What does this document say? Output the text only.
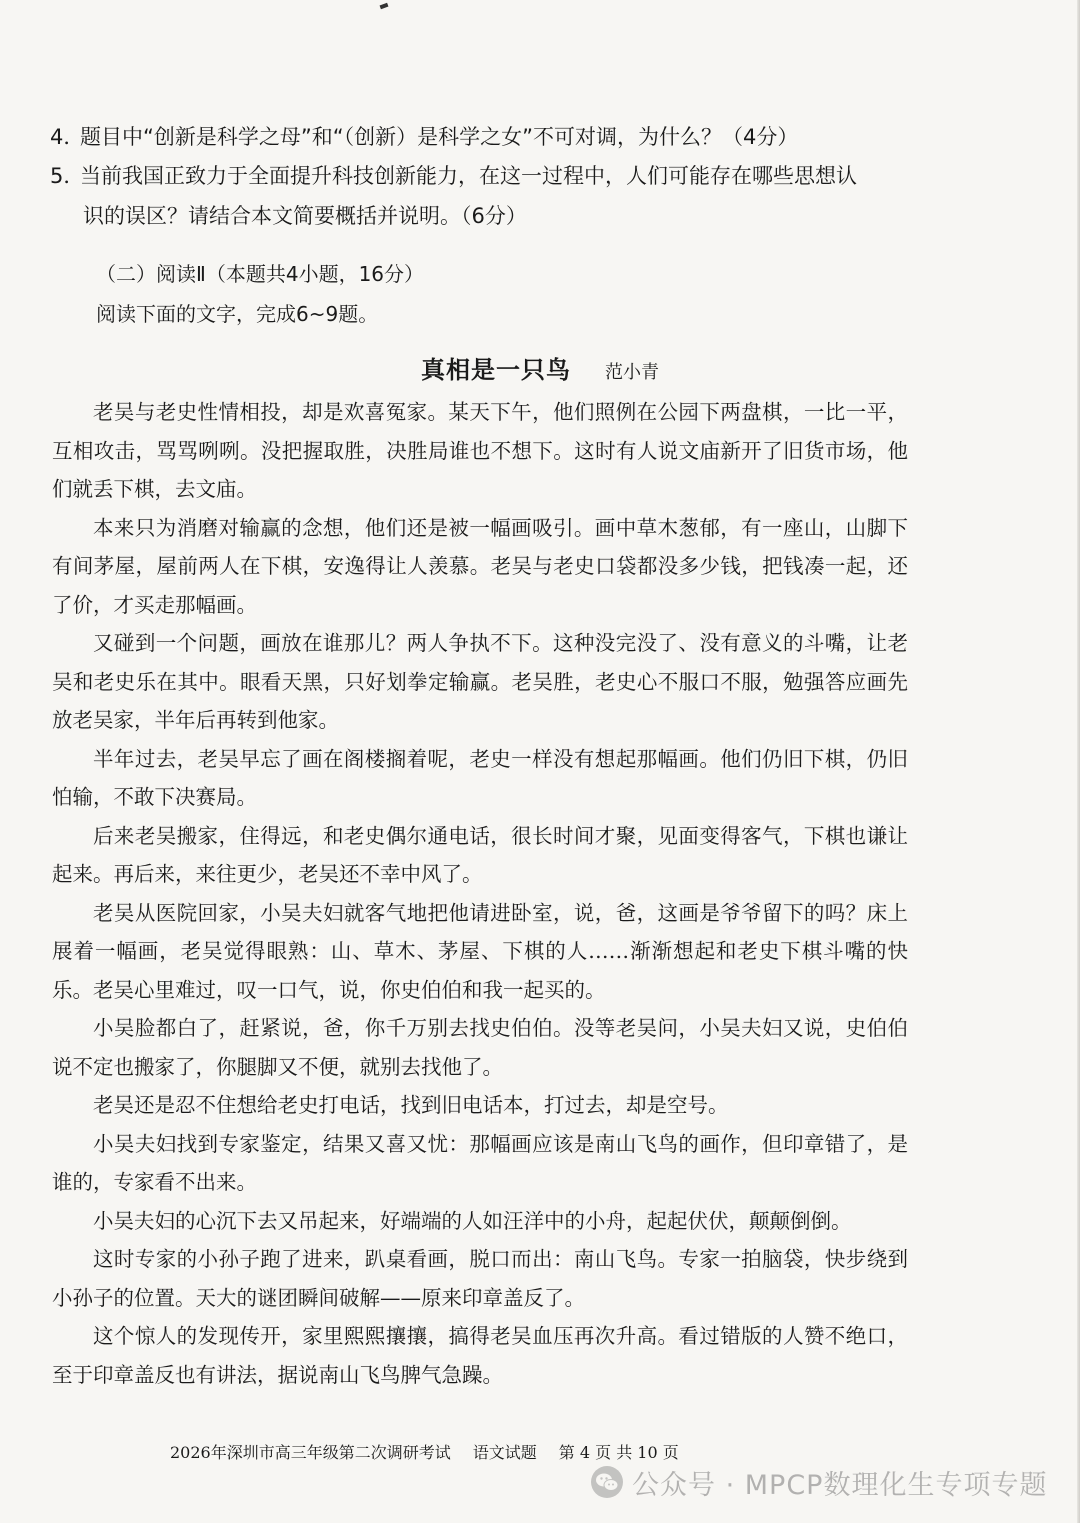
4．题目中“创新是科学之母”和“（创新）是科学之女”不可对调，为什么？（4分）
5．当前我国正致力于全面提升科技创新能力，在这一过程中，人们可能存在哪些思想认
识的误区？请结合本文简要概括并说明。（6分）
（二）阅读Ⅱ（本题共4小题，16分）
阅读下面的文字，完成6~9题。
真相是一只鸟 范小青

老吴与老史性情相投，却是欢喜冤家。某天下午，他们照例在公园下两盘棋，一比一平，互相攻击，骂骂咧咧。没把握取胜，决胜局谁也不想下。这时有人说文庙新开了旧货市场，他们就丢下棋，去文庙。

本来只为消磨对输赢的念想，他们还是被一幅画吸引。画中草木葱郁，有一座山，山脚下有间茅屋，屋前两人在下棋，安逸得让人羡慕。老吴与老史口袋都没多少钱，把钱凑一起，还了价，才买走那幅画。

又碰到一个问题，画放在谁那儿？两人争执不下。这种没完没了、没有意义的斗嘴，让老吴和老史乐在其中。眼看天黑，只好划拳定输赢。老吴胜，老史心不服口不服，勉强答应画先放老吴家，半年后再转到他家。

半年过去，老吴早忘了画在阁楼搁着呢，老史一样没有想起那幅画。他们仍旧下棋，仍旧怕输，不敢下决赛局。

后来老吴搬家，住得远，和老史偶尔通电话，很长时间才聚，见面变得客气，下棋也谦让起来。再后来，来往更少，老吴还不幸中风了。

老吴从医院回家，小吴夫妇就客气地把他请进卧室，说，爸，这画是爷爷留下的吗？床上展着一幅画，老吴觉得眼熟：山、草木、茅屋、下棋的人……渐渐想起和老史下棋斗嘴的快乐。老吴心里难过，叹一口气，说，你史伯伯和我一起买的。

小吴脸都白了，赶紧说，爸，你千万别去找史伯伯。没等老吴问，小吴夫妇又说，史伯伯说不定也搬家了，你腿脚又不便，就别去找他了。

老吴还是忍不住想给老史打电话，找到旧电话本，打过去，却是空号。

小吴夫妇找到专家鉴定，结果又喜又忧：那幅画应该是南山飞鸟的画作，但印章错了，是谁的，专家看不出来。

小吴夫妇的心沉下去又吊起来，好端端的人如汪洋中的小舟，起起伏伏，颠颠倒倒。

这时专家的小孙子跑了进来，趴桌看画，脱口而出：南山飞鸟。专家一拍脑袋，快步绕到小孙子的位置。天大的谜团瞬间破解——原来印章盖反了。

这个惊人的发现传开，家里熙熙攘攘，搞得老吴血压再次升高。看过错版的人赞不绝口，至于印章盖反也有讲法，据说南山飞鸟脾气急躁。

2026年深圳市高三年级第二次调研考试 语文试题 第 4 页 共 10 页
公众号 · MPCP数理化生专项专题
